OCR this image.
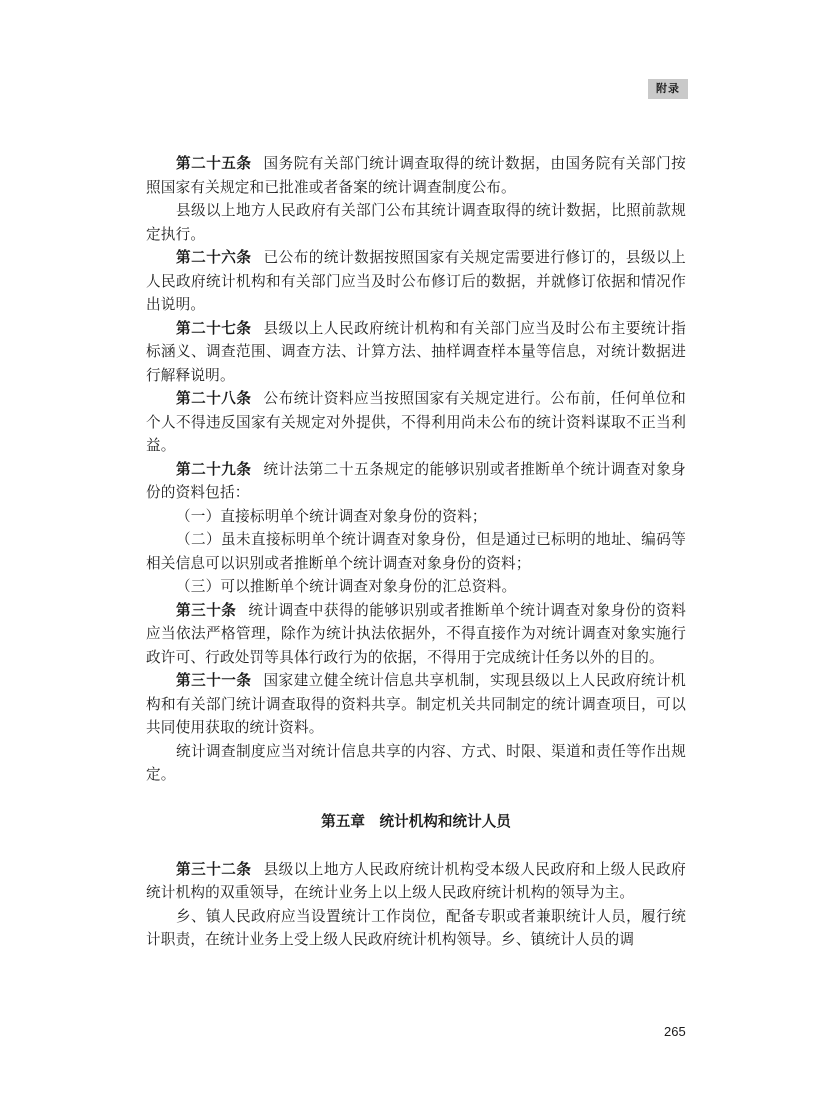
附录

第二十五条 国务院有关部门统计调查取得的统计数据，由国务院有关部门按照国家有关规定和已批准或者备案的统计调查制度公布。

县级以上地方人民政府有关部门公布其统计调查取得的统计数据，比照前款规定执行。

第二十六条 已公布的统计数据按照国家有关规定需要进行修订的，县级以上人民政府统计机构和有关部门应当及时公布修订后的数据，并就修订依据和情况作出说明。

第二十七条 县级以上人民政府统计机构和有关部门应当及时公布主要统计指标涵义、调查范围、调查方法、计算方法、抽样调查样本量等信息，对统计数据进行解释说明。

第二十八条 公布统计资料应当按照国家有关规定进行。公布前，任何单位和个人不得违反国家有关规定对外提供，不得利用尚未公布的统计资料谋取不正当利益。

第二十九条 统计法第二十五条规定的能够识别或者推断单个统计调查对象身份的资料包括：

（一）直接标明单个统计调查对象身份的资料；

（二）虽未直接标明单个统计调查对象身份，但是通过已标明的地址、编码等相关信息可以识别或者推断单个统计调查对象身份的资料；

（三）可以推断单个统计调查对象身份的汇总资料。

第三十条 统计调查中获得的能够识别或者推断单个统计调查对象身份的资料应当依法严格管理，除作为统计执法依据外，不得直接作为对统计调查对象实施行政许可、行政处罚等具体行政行为的依据，不得用于完成统计任务以外的目的。

第三十一条 国家建立健全统计信息共享机制，实现县级以上人民政府统计机构和有关部门统计调查取得的资料共享。制定机关共同制定的统计调查项目，可以共同使用获取的统计资料。

统计调查制度应当对统计信息共享的内容、方式、时限、渠道和责任等作出规定。

第五章　统计机构和统计人员

第三十二条 县级以上地方人民政府统计机构受本级人民政府和上级人民政府统计机构的双重领导，在统计业务上以上级人民政府统计机构的领导为主。

乡、镇人民政府应当设置统计工作岗位，配备专职或者兼职统计人员，履行统计职责，在统计业务上受上级人民政府统计机构领导。乡、镇统计人员的调

265
